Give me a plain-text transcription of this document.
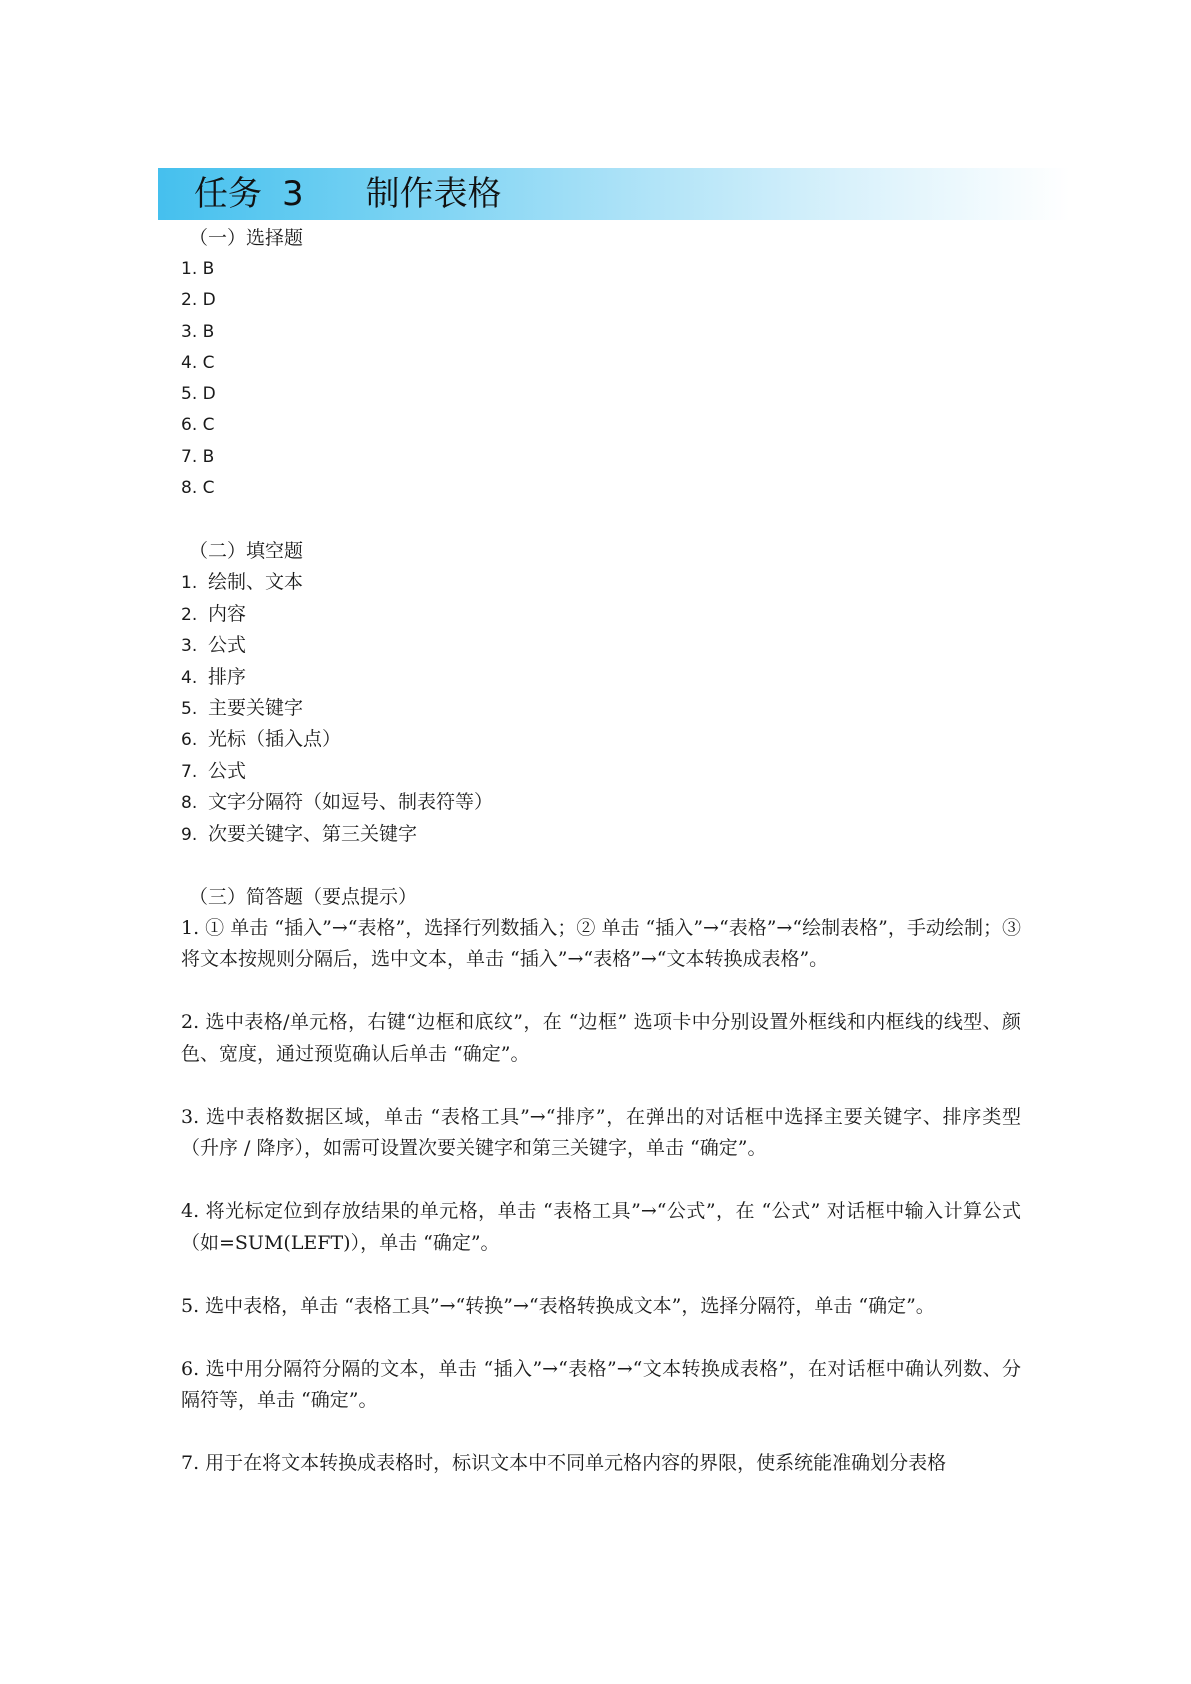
任务 3 制作表格
（一）选择题
1. B
2. D
3. B
4. C
5. D
6. C
7. B
8. C
（二）填空题
1. 绘制、文本
2. 内容
3. 公式
4. 排序
5. 主要关键字
6. 光标（插入点）
7. 公式
8. 文字分隔符（如逗号、制表符等）
9. 次要关键字、第三关键字
（三）简答题（要点提示）
1. ① 单击 “插入”→“表格”，选择行列数插入；② 单击 “插入”→“表格”→“绘制表格”，手动绘制；③ 将文本按规则分隔后，选中文本，单击 “插入”→“表格”→“文本转换成表格”。
2. 选中表格/单元格，右键“边框和底纹”，在 “边框” 选项卡中分别设置外框线和内框线的线型、颜色、宽度，通过预览确认后单击 “确定”。
3. 选中表格数据区域，单击 “表格工具”→“排序”，在弹出的对话框中选择主要关键字、排序类型（升序 / 降序），如需可设置次要关键字和第三关键字，单击 “确定”。
4. 将光标定位到存放结果的单元格，单击 “表格工具”→“公式”，在 “公式” 对话框中输入计算公式（如=SUM(LEFT)），单击 “确定”。
5. 选中表格，单击 “表格工具”→“转换”→“表格转换成文本”，选择分隔符，单击 “确定”。
6. 选中用分隔符分隔的文本，单击 “插入”→“表格”→“文本转换成表格”，在对话框中确认列数、分隔符等，单击 “确定”。
7. 用于在将文本转换成表格时，标识文本中不同单元格内容的界限，使系统能准确划分表格
